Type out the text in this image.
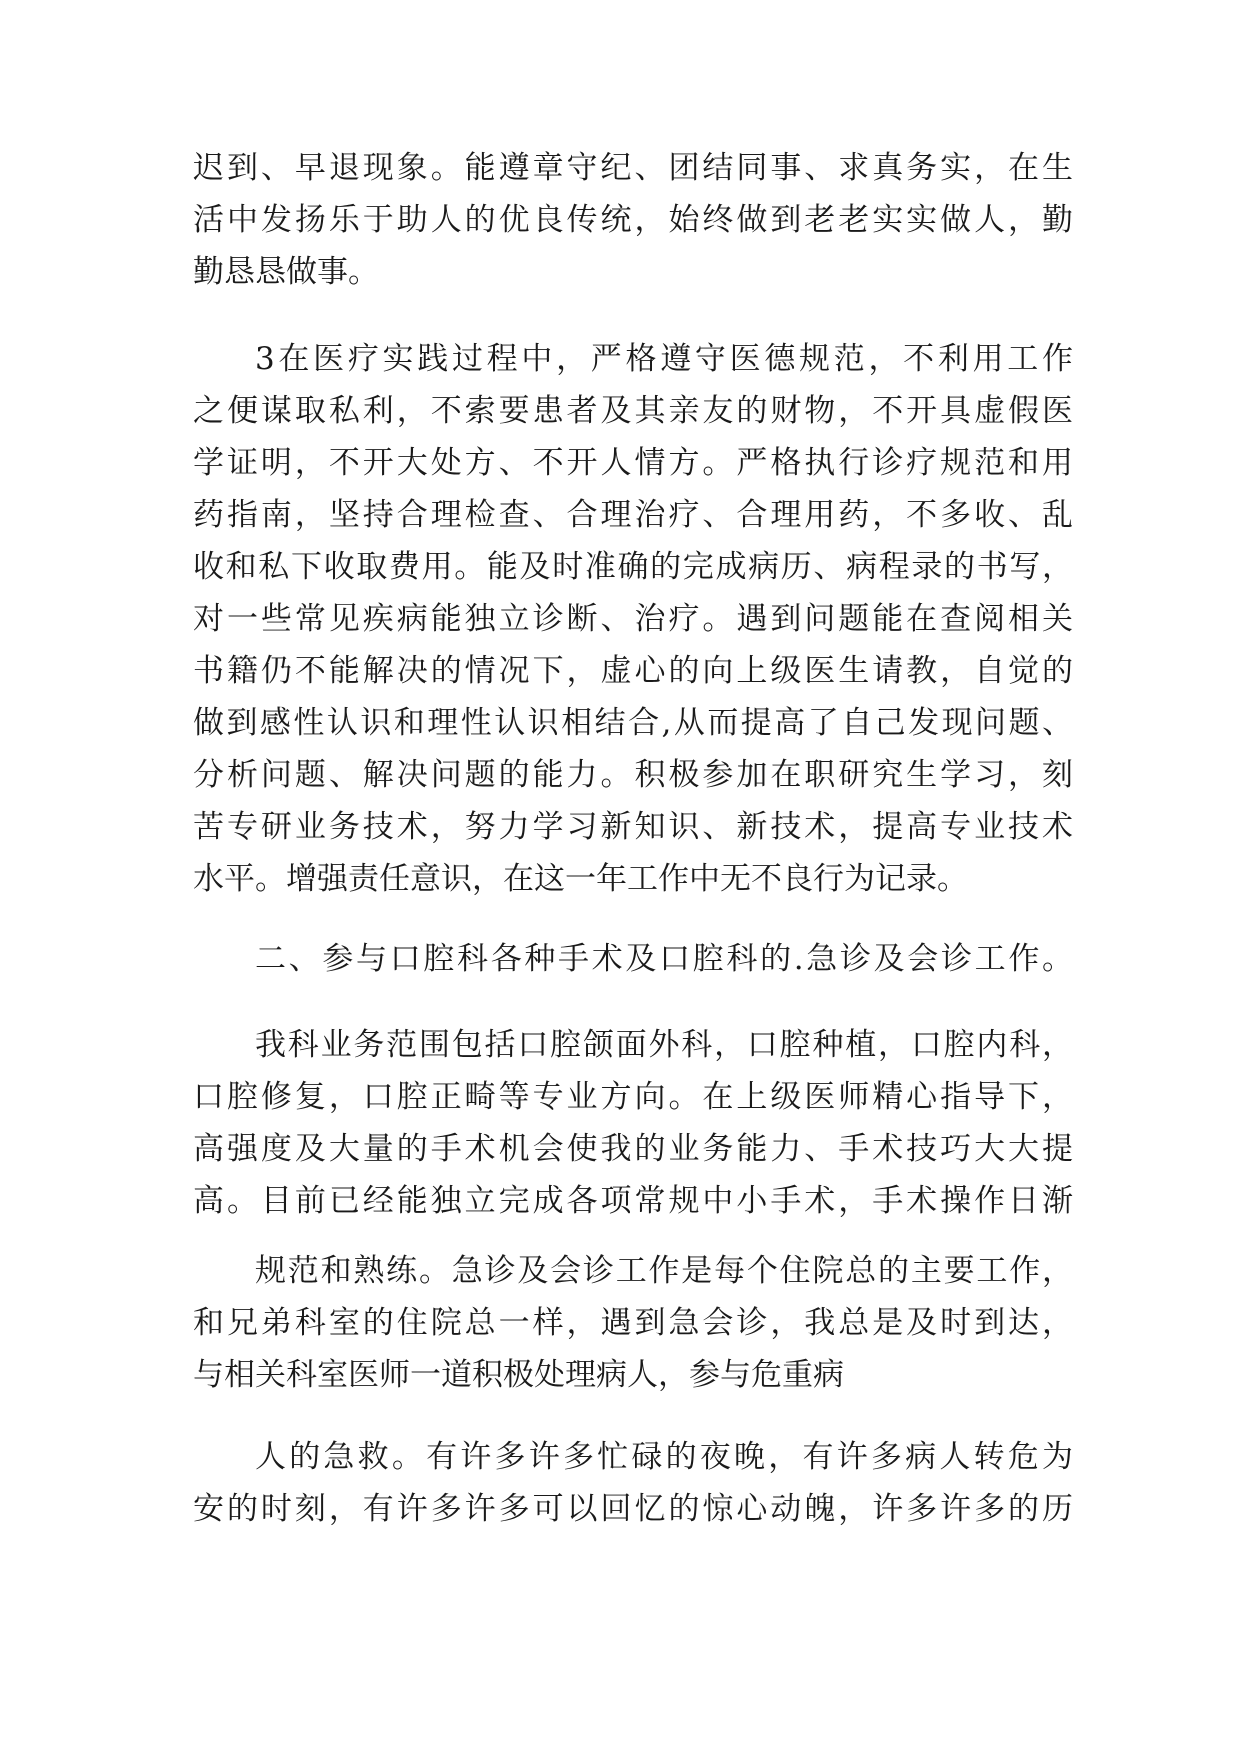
迟到、早退现象。能遵章守纪、团结同事、求真务实，在生
活中发扬乐于助人的优良传统，始终做到老老实实做人，勤
勤恳恳做事。
3在医疗实践过程中，严格遵守医德规范，不利用工作
之便谋取私利，不索要患者及其亲友的财物，不开具虚假医
学证明，不开大处方、不开人情方。严格执行诊疗规范和用
药指南，坚持合理检查、合理治疗、合理用药，不多收、乱
收和私下收取费用。能及时准确的完成病历、病程录的书写，
对一些常见疾病能独立诊断、治疗。遇到问题能在查阅相关
书籍仍不能解决的情况下，虚心的向上级医生请教，自觉的
做到感性认识和理性认识相结合,从而提高了自己发现问题、
分析问题、解决问题的能力。积极参加在职研究生学习，刻
苦专研业务技术，努力学习新知识、新技术，提高专业技术
水平。增强责任意识，在这一年工作中无不良行为记录。
二、参与口腔科各种手术及口腔科的.急诊及会诊工作。
我科业务范围包括口腔颌面外科，口腔种植，口腔内科，
口腔修复，口腔正畸等专业方向。在上级医师精心指导下，
高强度及大量的手术机会使我的业务能力、手术技巧大大提
高。目前已经能独立完成各项常规中小手术，手术操作日渐
规范和熟练。急诊及会诊工作是每个住院总的主要工作，
和兄弟科室的住院总一样，遇到急会诊，我总是及时到达，
与相关科室医师一道积极处理病人，参与危重病
人的急救。有许多许多忙碌的夜晚，有许多病人转危为
安的时刻，有许多许多可以回忆的惊心动魄，许多许多的历
